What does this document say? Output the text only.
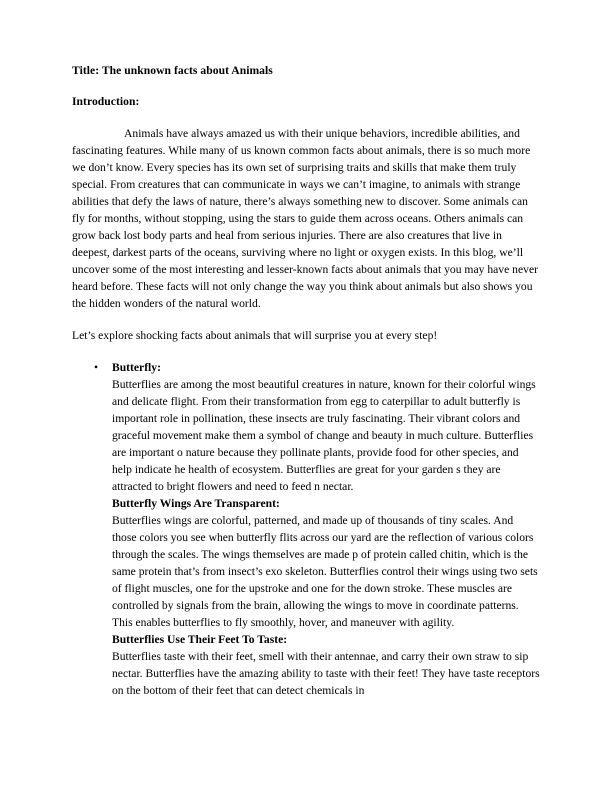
Title: The unknown facts about Animals
Introduction:

Animals have always amazed us with their unique behaviors, incredible abilities, and fascinating features. While many of us known common facts about animals, there is so much more we don’t know. Every species has its own set of surprising traits and skills that make them truly special. From creatures that can communicate in ways we can’t imagine, to animals with strange abilities that defy the laws of nature, there’s always something new to discover. Some animals can fly for months, without stopping, using the stars to guide them across oceans. Others animals can grow back lost body parts and heal from serious injuries. There are also creatures that live in deepest, darkest parts of the oceans, surviving where no light or oxygen exists. In this blog, we’ll uncover some of the most interesting and lesser-known facts about animals that you may have never heard before. These facts will not only change the way you think about animals but also shows you the hidden wonders of the natural world.

Let’s explore shocking facts about animals that will surprise you at every step!

• Butterfly:
Butterflies are among the most beautiful creatures in nature, known for their colorful wings and delicate flight. From their transformation from egg to caterpillar to adult butterfly is important role in pollination, these insects are truly fascinating. Their vibrant colors and graceful movement make them a symbol of change and beauty in much culture. Butterflies are important o nature because they pollinate plants, provide food for other species, and help indicate he health of ecosystem. Butterflies are great for your garden s they are attracted to bright flowers and need to feed n nectar.
Butterfly Wings Are Transparent:
Butterflies wings are colorful, patterned, and made up of thousands of tiny scales. And those colors you see when butterfly flits across our yard are the reflection of various colors through the scales. The wings themselves are made p of protein called chitin, which is the same protein that’s from insect’s exo skeleton. Butterflies control their wings using two sets of flight muscles, one for the upstroke and one for the down stroke. These muscles are controlled by signals from the brain, allowing the wings to move in coordinate patterns. This enables butterflies to fly smoothly, hover, and maneuver with agility.
Butterflies Use Their Feet To Taste:
Butterflies taste with their feet, smell with their antennae, and carry their own straw to sip nectar. Butterflies have the amazing ability to taste with their feet! They have taste receptors on the bottom of their feet that can detect chemicals in
